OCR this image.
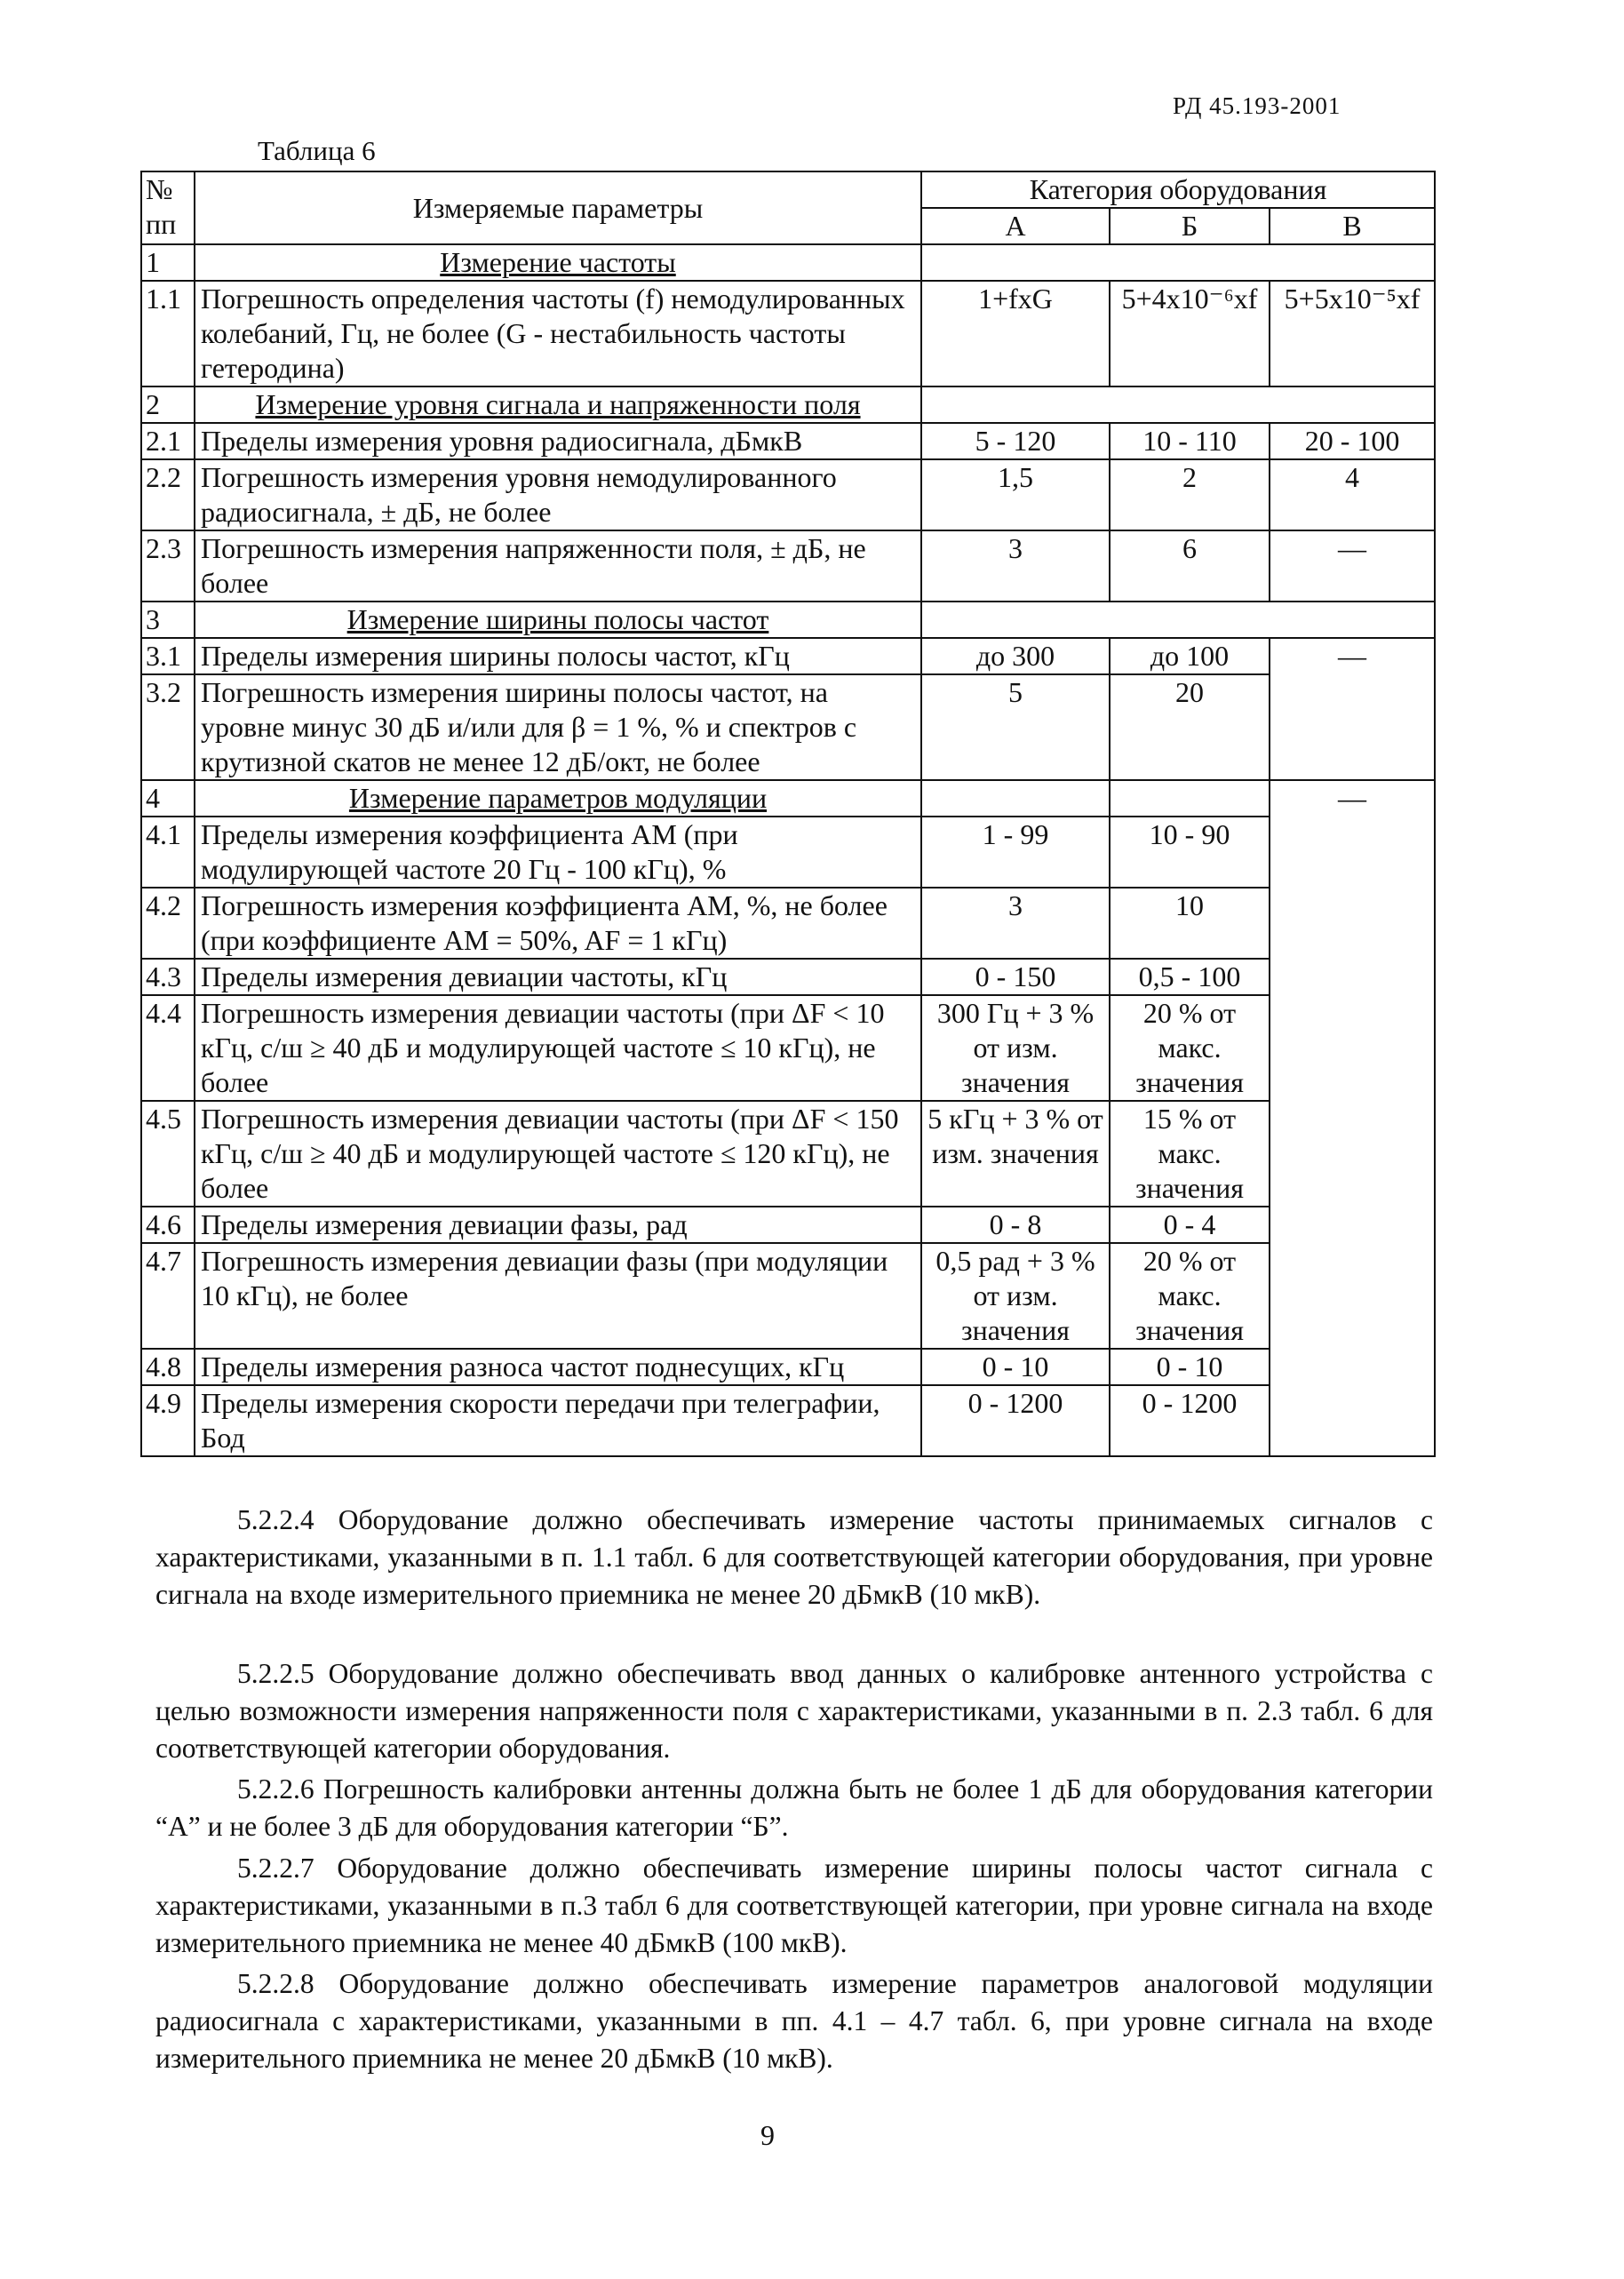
РД 45.193-2001
Таблица 6
№ пп	Измеряемые параметры	Категория оборудования		
		А	Б	В
1	Измерение частоты			
1.1	Погрешность определения частоты (f) немодулированных колебаний, Гц, не более (G - нестабильность частоты гетеродина)	1+fxG	5+4x10⁻⁶xf	5+5x10⁻⁵xf
2	Измерение уровня сигнала и напряженности поля			
2.1	Пределы измерения уровня радиосигнала, дБмкВ	5 - 120	10 - 110	20 - 100
2.2	Погрешность измерения уровня немодулированного радиосигнала, ± дБ, не более	1,5	2	4
2.3	Погрешность измерения напряженности поля, ± дБ, не более	3	6	—
3	Измерение ширины полосы частот			
3.1	Пределы измерения ширины полосы частот, кГц	до 300	до 100	—
3.2	Погрешность измерения ширины полосы частот, на уровне минус 30 дБ и/или для β = 1 %, % и спектров с крутизной скатов не менее 12 дБ/окт, не более	5	20	
4	Измерение параметров модуляции			—
4.1	Пределы измерения коэффициента AM (при модулирующей частоте 20 Гц - 100 кГц), %	1 - 99	10 - 90	
4.2	Погрешность измерения коэффициента AM, %, не более (при коэффициенте AM = 50%, AF = 1 кГц)	3	10	
4.3	Пределы измерения девиации частоты, кГц	0 - 150	0,5 - 100	
4.4	Погрешность измерения девиации частоты (при ΔF < 10 кГц, с/ш ≥ 40 дБ и модулирующей частоте ≤ 10 кГц), не более	300 Гц + 3 % от изм. значения	20 % от макс. значения	
4.5	Погрешность измерения девиации частоты (при ΔF < 150 кГц, с/ш ≥ 40 дБ и модулирующей частоте ≤ 120 кГц), не более	5 кГц + 3 % от изм. значения	15 % от макс. значения	
4.6	Пределы измерения девиации фазы, рад	0 - 8	0 - 4	
4.7	Погрешность измерения девиации фазы (при модуляции 10 кГц), не более	0,5 рад + 3 % от изм. значения	20 % от макс. значения	
4.8	Пределы измерения разноса частот поднесущих, кГц	0 - 10	0 - 10	
4.9	Пределы измерения скорости передачи при телеграфии, Бод	0 - 1200	0 - 1200	

5.2.2.4 Оборудование должно обеспечивать измерение частоты принимаемых сигналов с характеристиками, указанными в п. 1.1 табл. 6 для соответствующей категории оборудования, при уровне сигнала на входе измерительного приемника не менее 20 дБмкВ (10 мкВ).

5.2.2.5 Оборудование должно обеспечивать ввод данных о калибровке антенного устройства с целью возможности измерения напряженности поля с характеристиками, указанными в п. 2.3 табл. 6 для соответствующей категории оборудования.

5.2.2.6 Погрешность калибровки антенны должна быть не более 1 дБ для оборудования категории “А” и не более 3 дБ для оборудования категории “Б”.

5.2.2.7 Оборудование должно обеспечивать измерение ширины полосы частот сигнала с характеристиками, указанными в п.3 табл 6 для соответствующей категории, при уровне сигнала на входе измерительного приемника не менее 40 дБмкВ (100 мкВ).

5.2.2.8 Оборудование должно обеспечивать измерение параметров аналоговой модуляции радиосигнала с характеристиками, указанными в пп. 4.1 – 4.7 табл. 6, при уровне сигнала на входе измерительного приемника не менее 20 дБмкВ (10 мкВ).

9
